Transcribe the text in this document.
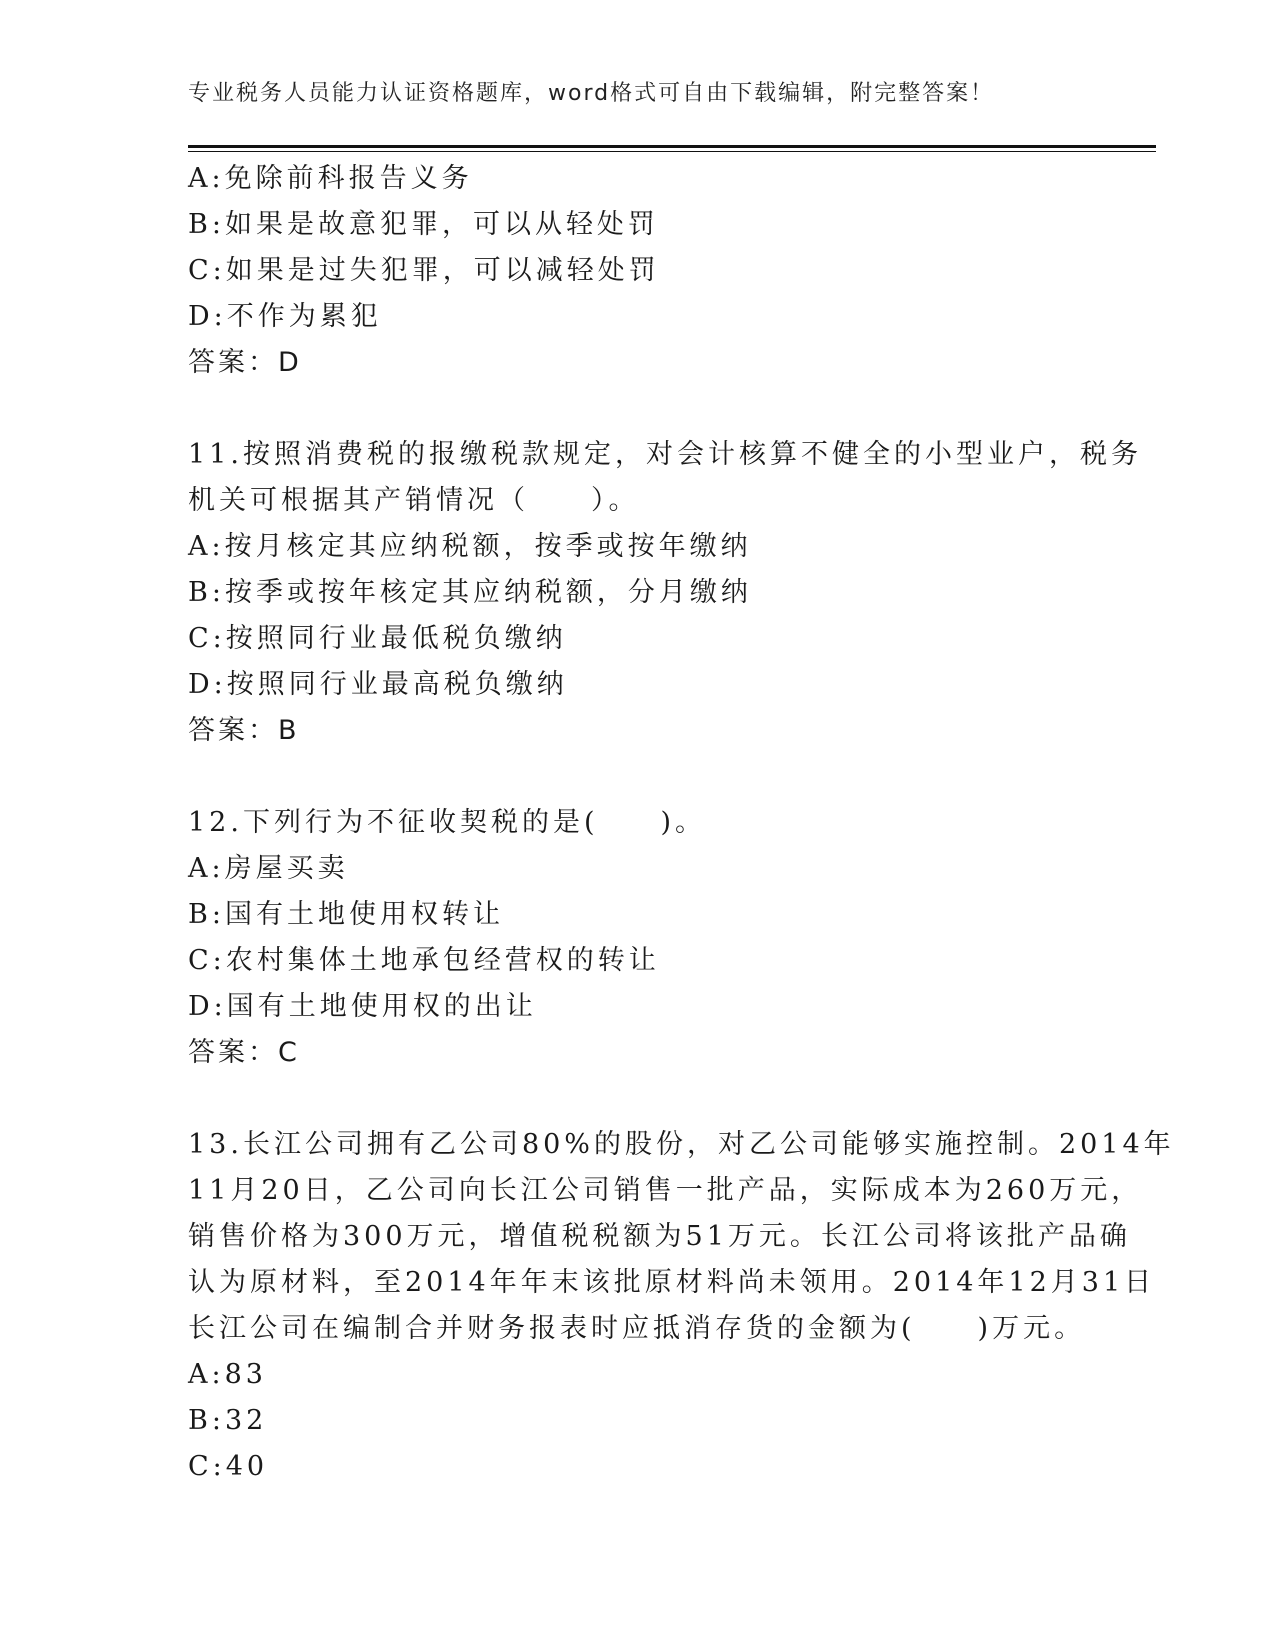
专业税务人员能力认证资格题库，word格式可自由下载编辑，附完整答案！

A:免除前科报告义务

B:如果是故意犯罪，可以从轻处罚

C:如果是过失犯罪，可以减轻处罚

D:不作为累犯

答案：D

11.按照消费税的报缴税款规定，对会计核算不健全的小型业户，税务

机关可根据其产销情况（　　）。

A:按月核定其应纳税额，按季或按年缴纳

B:按季或按年核定其应纳税额，分月缴纳

C:按照同行业最低税负缴纳

D:按照同行业最高税负缴纳

答案：B

12.下列行为不征收契税的是(　　)。

A:房屋买卖

B:国有土地使用权转让

C:农村集体土地承包经营权的转让

D:国有土地使用权的出让

答案：C

13.长江公司拥有乙公司80%的股份，对乙公司能够实施控制。2014年

11月20日，乙公司向长江公司销售一批产品，实际成本为260万元，

销售价格为300万元，增值税税额为51万元。长江公司将该批产品确

认为原材料，至2014年年末该批原材料尚未领用。2014年12月31日

长江公司在编制合并财务报表时应抵消存货的金额为(　　)万元。

A:83

B:32

C:40
